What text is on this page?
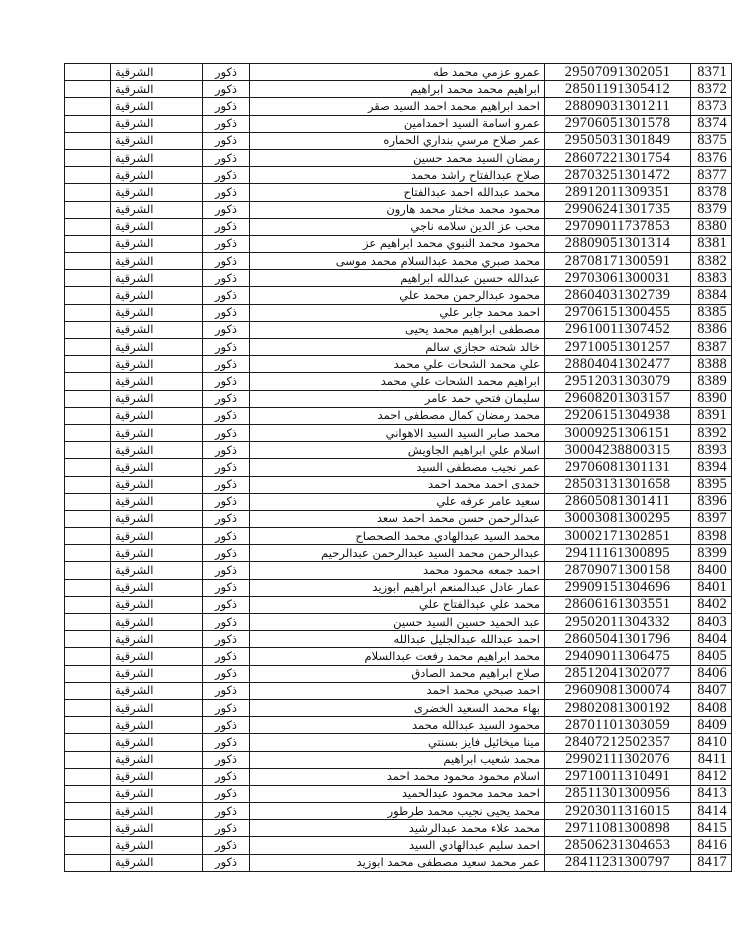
	الشرقية	ذكور	عمرو عزمي محمد طه	29507091302051	8371
	الشرقية	ذكور	ابراهيم محمد محمد ابراهيم	28501191305412	8372
	الشرقية	ذكور	احمد ابراهيم محمد احمد السيد صقر	28809031301211	8373
	الشرقية	ذكور	عمرو اسامة السيد احمدامين	29706051301578	8374
	الشرقية	ذكور	عمر صلاح مرسي بنداري الحماره	29505031301849	8375
	الشرقية	ذكور	رمضان السيد محمد حسين	28607221301754	8376
	الشرقية	ذكور	صلاح عبدالفتاح راشد محمد	28703251301472	8377
	الشرقية	ذكور	محمد عبدالله احمد عبدالفتاح	28912011309351	8378
	الشرقية	ذكور	محمود محمد مختار محمد هارون	29906241301735	8379
	الشرقية	ذكور	محب عز الدين سلامه ناجي	29709011737853	8380
	الشرقية	ذكور	محمود محمد النبوي محمد ابراهيم عز	28809051301314	8381
	الشرقية	ذكور	محمد صبري محمد عبدالسلام محمد موسى	28708171300591	8382
	الشرقية	ذكور	عبدالله حسين عبدالله ابراهيم	29703061300031	8383
	الشرقية	ذكور	محمود عبدالرحمن محمد علي	28604031302739	8384
	الشرقية	ذكور	احمد محمد جابر علي	29706151300455	8385
	الشرقية	ذكور	مصطفى ابراهيم محمد يحيى	29610011307452	8386
	الشرقية	ذكور	خالد شحته حجازي سالم	29710051301257	8387
	الشرقية	ذكور	علي محمد الشحات علي محمد	28804041302477	8388
	الشرقية	ذكور	ابراهيم محمد الشحات علي محمد	29512031303079	8389
	الشرقية	ذكور	سليمان فتحي حمد عامر	29608201303157	8390
	الشرقية	ذكور	محمد رمضان كمال مصطفى احمد	29206151304938	8391
	الشرقية	ذكور	محمد صابر السيد السيد الاهواني	30009251306151	8392
	الشرقية	ذكور	اسلام علي ابراهيم الجاويش	30004238800315	8393
	الشرقية	ذكور	عمر نجيب مصطفى السيد	29706081301131	8394
	الشرقية	ذكور	حمدى احمد محمد احمد	28503131301658	8395
	الشرقية	ذكور	سعيد عامر عرفه علي	28605081301411	8396
	الشرقية	ذكور	عبدالرحمن حسن محمد احمد سعد	30003081300295	8397
	الشرقية	ذكور	محمد السيد عبدالهادي محمد الصحصاح	30002171302851	8398
	الشرقية	ذكور	عبدالرحمن محمد السيد عبدالرحمن عبدالرحيم	29411161300895	8399
	الشرقية	ذكور	احمد جمعه محمود محمد	28709071300158	8400
	الشرقية	ذكور	عمار عادل عبدالمنعم ابراهيم ابوزيد	29909151304696	8401
	الشرقية	ذكور	محمد علي عبدالفتاح علي	28606161303551	8402
	الشرقية	ذكور	عبد الحميد حسين السيد حسين	29502011304332	8403
	الشرقية	ذكور	احمد عبدالله عبدالجليل عبدالله	28605041301796	8404
	الشرقية	ذكور	محمد ابراهيم محمد رفعت عبدالسلام	29409011306475	8405
	الشرقية	ذكور	صلاح ابراهيم محمد الصادق	28512041302077	8406
	الشرقية	ذكور	احمد صبحي محمد احمد	29609081300074	8407
	الشرقية	ذكور	بهاء محمد السعيد الخضرى	29802081300192	8408
	الشرقية	ذكور	محمود السيد عبدالله محمد	28701101303059	8409
	الشرقية	ذكور	مينا ميخائيل فايز بسنتي	28407212502357	8410
	الشرقية	ذكور	محمد شعيب ابراهيم	29902111302076	8411
	الشرقية	ذكور	اسلام محمود محمود محمد احمد	29710011310491	8412
	الشرقية	ذكور	احمد محمد محمود عبدالحميد	28511301300956	8413
	الشرقية	ذكور	محمد يحيى نجيب محمد طرطور	29203011316015	8414
	الشرقية	ذكور	محمد علاء محمد عبدالرشيد	29711081300898	8415
	الشرقية	ذكور	احمد سليم عبدالهادي السيد	28506231304653	8416
	الشرقية	ذكور	عمر محمد سعيد مصطفى محمد ابوزيد	28411231300797	8417
